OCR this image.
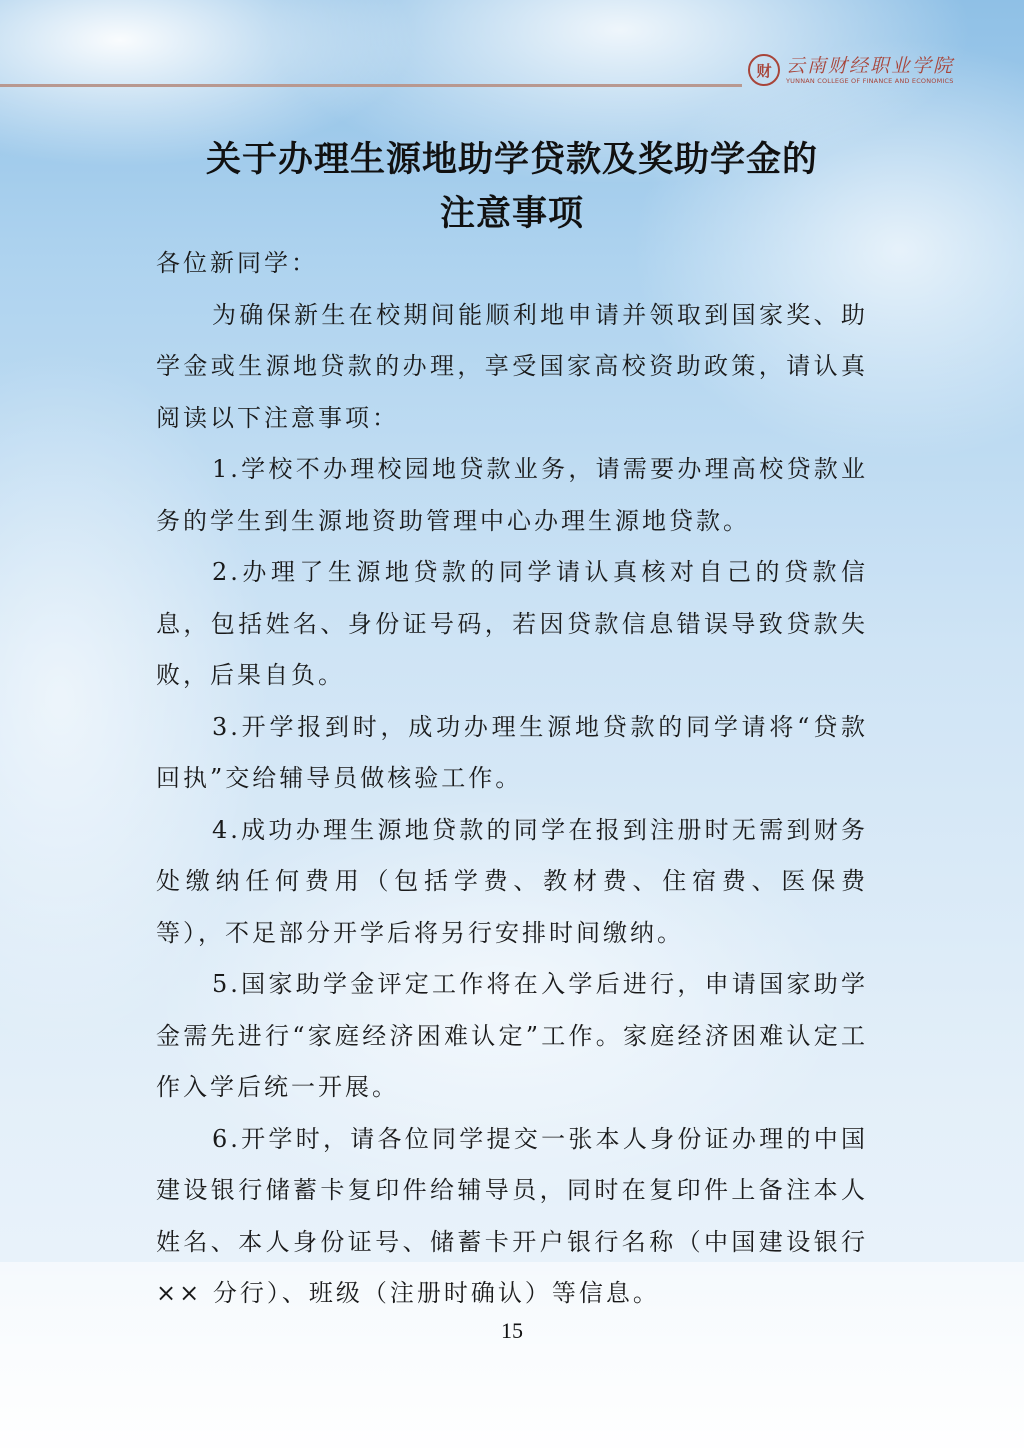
财 云南财经职业学院
YUNNAN COLLEGE OF FINANCE AND ECONOMICS
关于办理生源地助学贷款及奖助学金的
注意事项

各位新同学：

为确保新生在校期间能顺利地申请并领取到国家奖、助学金或生源地贷款的办理，享受国家高校资助政策，请认真阅读以下注意事项：

1.学校不办理校园地贷款业务，请需要办理高校贷款业务的学生到生源地资助管理中心办理生源地贷款。

2.办理了生源地贷款的同学请认真核对自己的贷款信息，包括姓名、身份证号码，若因贷款信息错误导致贷款失败，后果自负。

3.开学报到时，成功办理生源地贷款的同学请将“贷款回执”交给辅导员做核验工作。

4.成功办理生源地贷款的同学在报到注册时无需到财务处缴纳任何费用（包括学费、教材费、住宿费、医保费等），不足部分开学后将另行安排时间缴纳。

5.国家助学金评定工作将在入学后进行，申请国家助学金需先进行“家庭经济困难认定”工作。家庭经济困难认定工作入学后统一开展。

6.开学时，请各位同学提交一张本人身份证办理的中国建设银行储蓄卡复印件给辅导员，同时在复印件上备注本人姓名、本人身份证号、储蓄卡开户银行名称（中国建设银行×× 分行）、班级（注册时确认）等信息。

15
